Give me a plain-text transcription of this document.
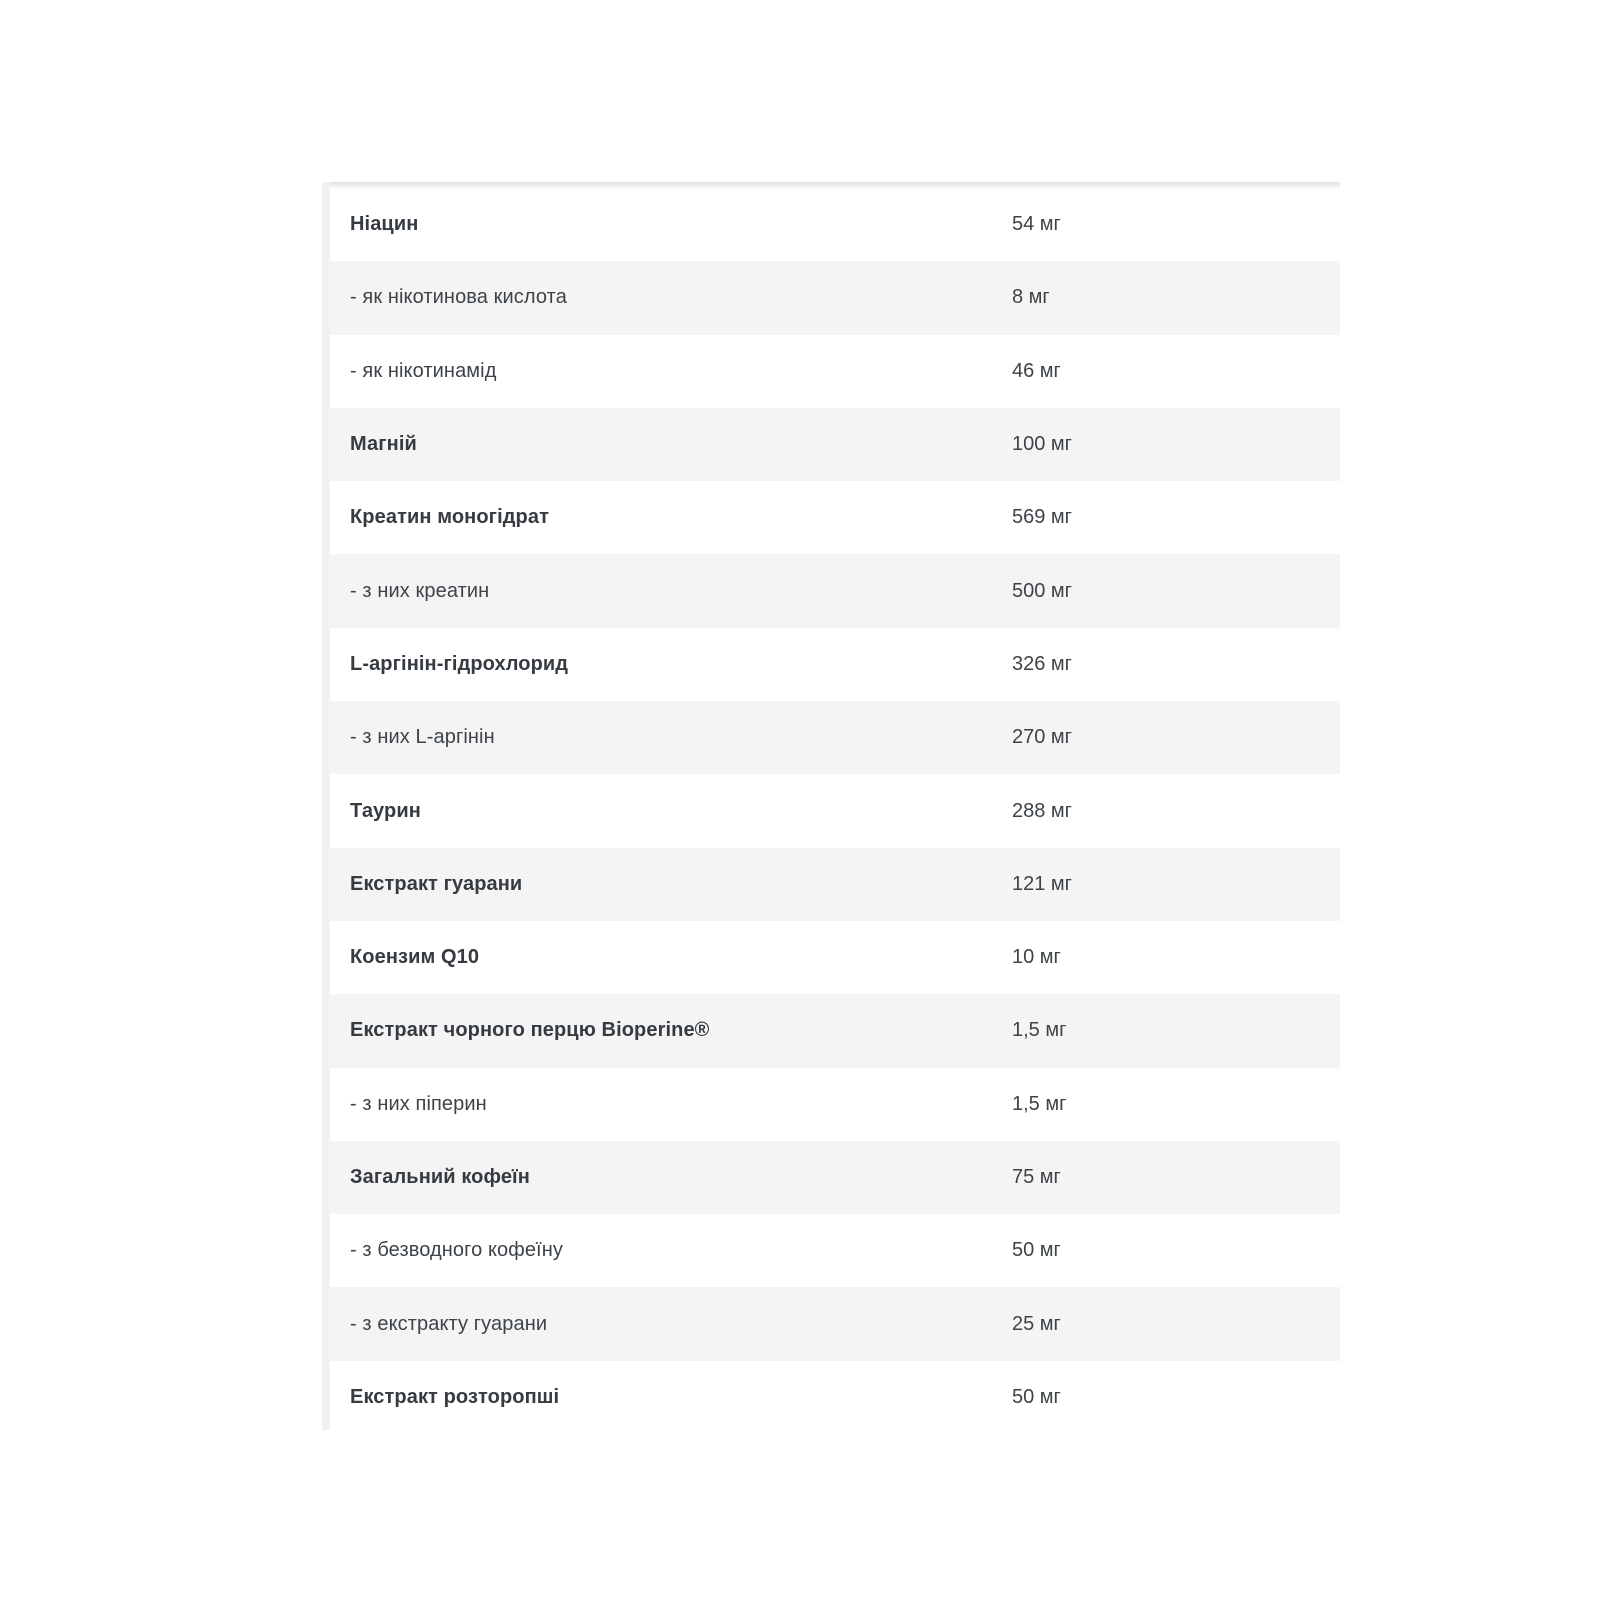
Ніацин	54 мг
- як нікотинова кислота	8 мг
- як нікотинамід	46 мг
Магній	100 мг
Креатин моногідрат	569 мг
- з них креатин	500 мг
L-аргінін-гідрохлорид	326 мг
- з них L-аргінін	270 мг
Таурин	288 мг
Екстракт гуарани	121 мг
Коензим Q10	10 мг
Екстракт чорного перцю Bioperine®	1,5 мг
- з них піперин	1,5 мг
Загальний кофеїн	75 мг
- з безводного кофеїну	50 мг
- з екстракту гуарани	25 мг
Екстракт розторопші	50 мг
